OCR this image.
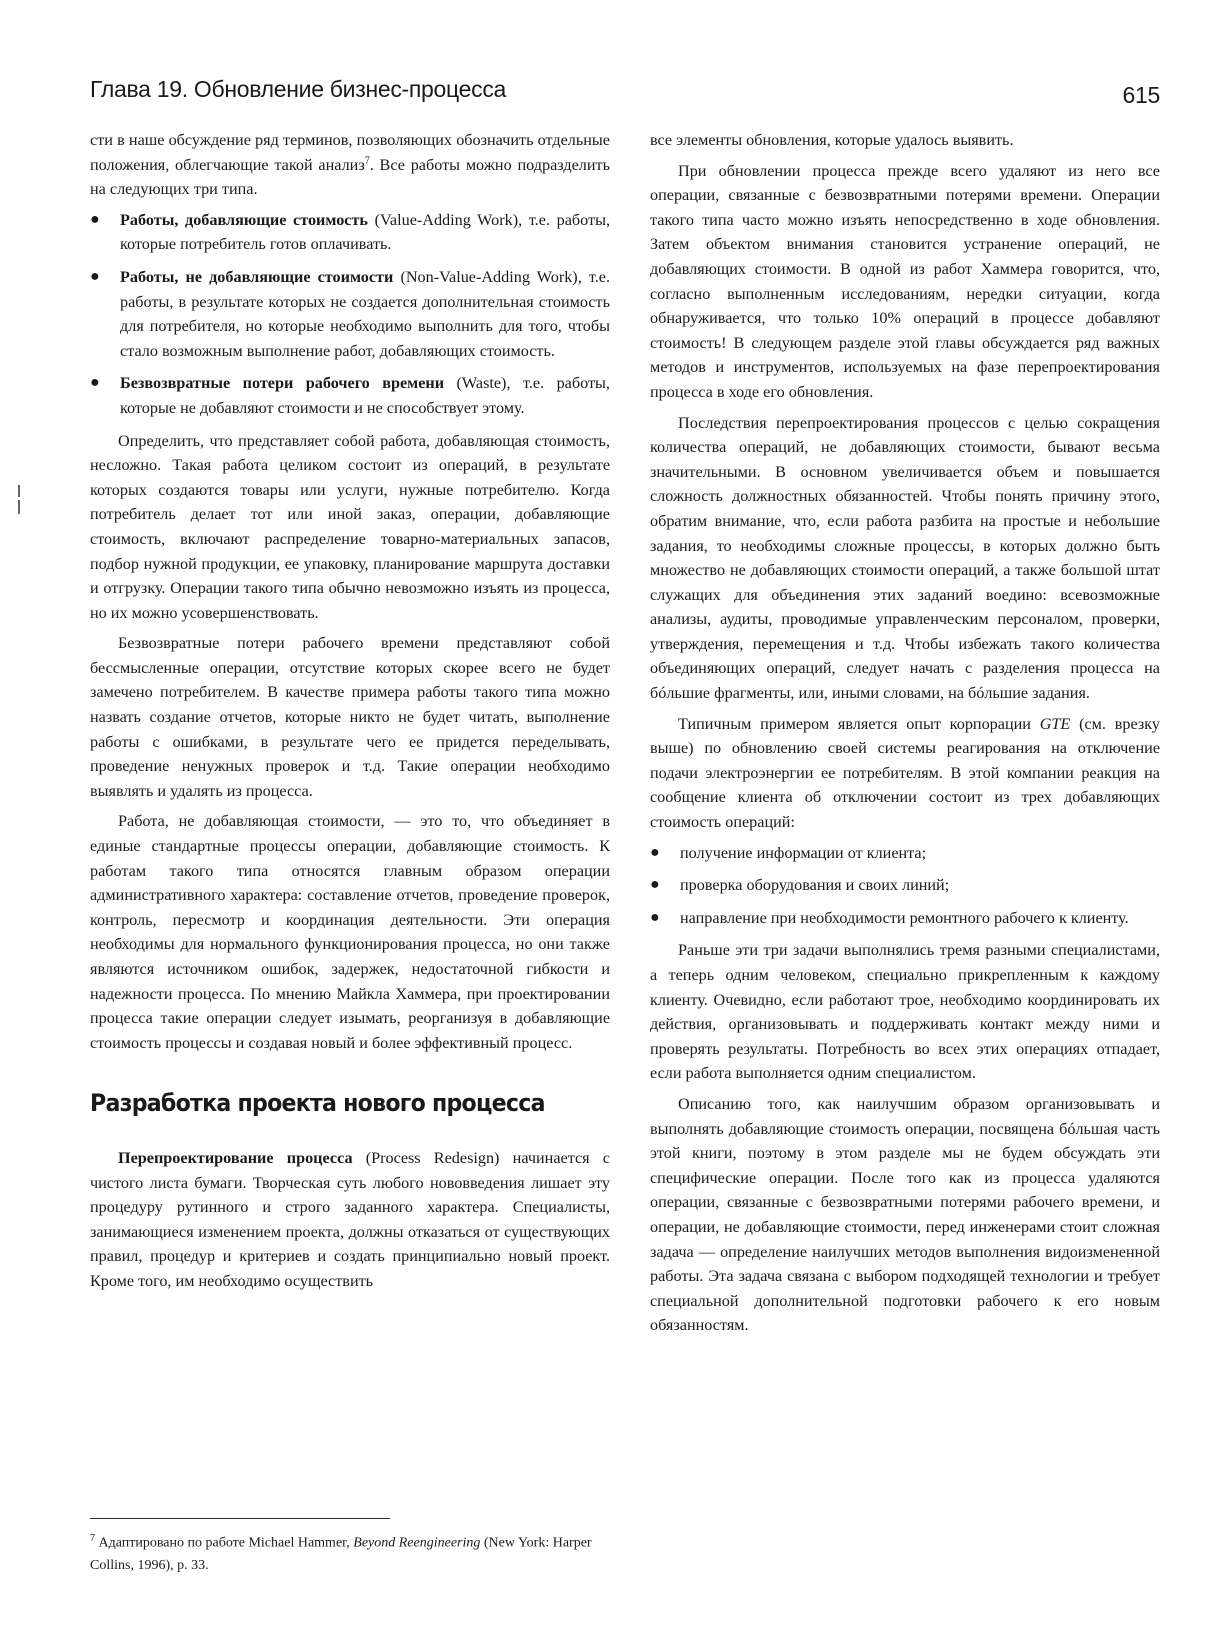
Глава 19. Обновление бизнес-процесса	615

сти в наше обсуждение ряд терминов, позволяющих обозначить отдельные положения, облегчающие такой анализ$^7$. Все работы можно подразделить на следующих три типа.

● Работы, добавляющие стоимость (Value-Adding Work), т.е. работы, которые потребитель готов оплачивать.
● Работы, не добавляющие стоимости (Non-Value-Adding Work), т.е. работы, в результате которых не создается дополнительная стоимость для потребителя, но которые необходимо выполнить для того, чтобы стало возможным выполнение работ, добавляющих стоимость.
● Безвозвратные потери рабочего времени (Waste), т.е. работы, которые не добавляют стоимости и не способствует этому.

Определить, что представляет собой работа, добавляющая стоимость, несложно. Такая работа целиком состоит из операций, в результате которых создаются товары или услуги, нужные потребителю. Когда потребитель делает тот или иной заказ, операции, добавляющие стоимость, включают распределение товарно-материальных запасов, подбор нужной продукции, ее упаковку, планирование маршрута доставки и отгрузку. Операции такого типа обычно невозможно изъять из процесса, но их можно усовершенствовать.

Безвозвратные потери рабочего времени представляют собой бессмысленные операции, отсутствие которых скорее всего не будет замечено потребителем. В качестве примера работы такого типа можно назвать создание отчетов, которые никто не будет читать, выполнение работы с ошибками, в результате чего ее придется переделывать, проведение ненужных проверок и т.д. Такие операции необходимо выявлять и удалять из процесса.

Работа, не добавляющая стоимости, — это то, что объединяет в единые стандартные процессы операции, добавляющие стоимость. К работам такого типа относятся главным образом операции административного характера: составление отчетов, проведение проверок, контроль, пересмотр и координация деятельности. Эти операция необходимы для нормального функционирования процесса, но они также являются источником ошибок, задержек, недостаточной гибкости и надежности процесса. По мнению Майкла Хаммера, при проектировании процесса такие операции следует изымать, реорганизуя в добавляющие стоимость процессы и создавая новый и более эффективный процесс.

Разработка проекта нового процесса

Перепроектирование процесса (Process Redesign) начинается с чистого листа бумаги. Творческая суть любого нововведения лишает эту процедуру рутинного и строго заданного характера. Специалисты, занимающиеся изменением проекта, должны отказаться от существующих правил, процедур и критериев и создать принципиально новый проект. Кроме того, им необходимо осуществить

все элементы обновления, которые удалось выявить.

При обновлении процесса прежде всего удаляют из него все операции, связанные с безвозвратными потерями времени. Операции такого типа часто можно изъять непосредственно в ходе обновления. Затем объектом внимания становится устранение операций, не добавляющих стоимости. В одной из работ Хаммера говорится, что, согласно выполненным исследованиям, нередки ситуации, когда обнаруживается, что только 10% операций в процессе добавляют стоимость! В следующем разделе этой главы обсуждается ряд важных методов и инструментов, используемых на фазе перепроектирования процесса в ходе его обновления.

Последствия перепроектирования процессов с целью сокращения количества операций, не добавляющих стоимости, бывают весьма значительными. В основном увеличивается объем и повышается сложность должностных обязанностей. Чтобы понять причину этого, обратим внимание, что, если работа разбита на простые и небольшие задания, то необходимы сложные процессы, в которых должно быть множество не добавляющих стоимости операций, а также большой штат служащих для объединения этих заданий воедино: всевозможные анализы, аудиты, проводимые управленческим персоналом, проверки, утверждения, перемещения и т.д. Чтобы избежать такого количества объединяющих операций, следует начать с разделения процесса на бóльшие фрагменты, или, иными словами, на бóльшие задания.

Типичным примером является опыт корпорации GTE (см. врезку выше) по обновлению своей системы реагирования на отключение подачи электроэнергии ее потребителям. В этой компании реакция на сообщение клиента об отключении состоит из трех добавляющих стоимость операций:

● получение информации от клиента;
● проверка оборудования и своих линий;
● направление при необходимости ремонтного рабочего к клиенту.

Раньше эти три задачи выполнялись тремя разными специалистами, а теперь одним человеком, специально прикрепленным к каждому клиенту. Очевидно, если работают трое, необходимо координировать их действия, организовывать и поддерживать контакт между ними и проверять результаты. Потребность во всех этих операциях отпадает, если работа выполняется одним специалистом.

Описанию того, как наилучшим образом организовывать и выполнять добавляющие стоимость операции, посвящена бóльшая часть этой книги, поэтому в этом разделе мы не будем обсуждать эти специфические операции. После того как из процесса удаляются операции, связанные с безвозвратными потерями рабочего времени, и операции, не добавляющие стоимости, перед инженерами стоит сложная задача — определение наилучших методов выполнения видоизмененной работы. Эта задача связана с выбором подходящей технологии и требует специальной дополнительной подготовки рабочего к его новым обязанностям.

$^7$ Адаптировано по работе Michael Hammer, Beyond Reengineering (New York: Harper Collins, 1996), p. 33.
